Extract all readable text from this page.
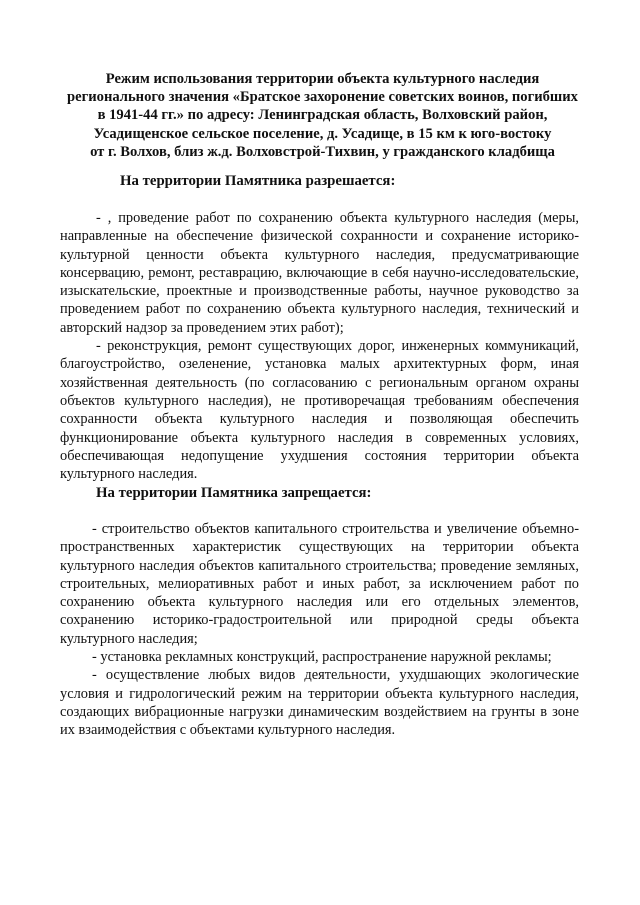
Режим использования территории объекта культурного наследия
регионального значения «Братское захоронение советских воинов, погибших
в 1941-44 гг.» по адресу: Ленинградская область, Волховский район,
Усадищенское сельское поселение, д. Усадище, в 15 км к юго-востоку
от г. Волхов, близ ж.д. Волховстрой-Тихвин, у гражданского кладбища
На территории Памятника разрешается:

- , проведение работ по сохранению объекта культурного наследия (меры, направленные на обеспечение физической сохранности и сохранение историко-культурной ценности объекта культурного наследия, предусматривающие консервацию, ремонт, реставрацию, включающие в себя научно-исследовательские, изыскательские, проектные и производственные работы, научное руководство за проведением работ по сохранению объекта культурного наследия, технический и авторский надзор за проведением этих работ);

- реконструкция, ремонт существующих дорог, инженерных коммуникаций, благоустройство, озеленение, установка малых архитектурных форм, иная хозяйственная деятельность (по согласованию с региональным органом охраны объектов культурного наследия), не противоречащая требованиям обеспечения сохранности объекта культурного наследия и позволяющая обеспечить функционирование объекта культурного наследия в современных условиях, обеспечивающая недопущение ухудшения состояния территории объекта культурного наследия.

На территории Памятника запрещается:

- строительство объектов капитального строительства и увеличение объемно-пространственных характеристик существующих на территории объекта культурного наследия объектов капитального строительства; проведение земляных, строительных, мелиоративных работ и иных работ, за исключением работ по сохранению объекта культурного наследия или его отдельных элементов, сохранению историко-градостроительной или природной среды объекта культурного наследия;

- установка рекламных конструкций, распространение наружной рекламы;

- осуществление любых видов деятельности, ухудшающих экологические условия и гидрологический режим на территории объекта культурного наследия, создающих вибрационные нагрузки динамическим воздействием на грунты в зоне их взаимодействия с объектами культурного наследия.
